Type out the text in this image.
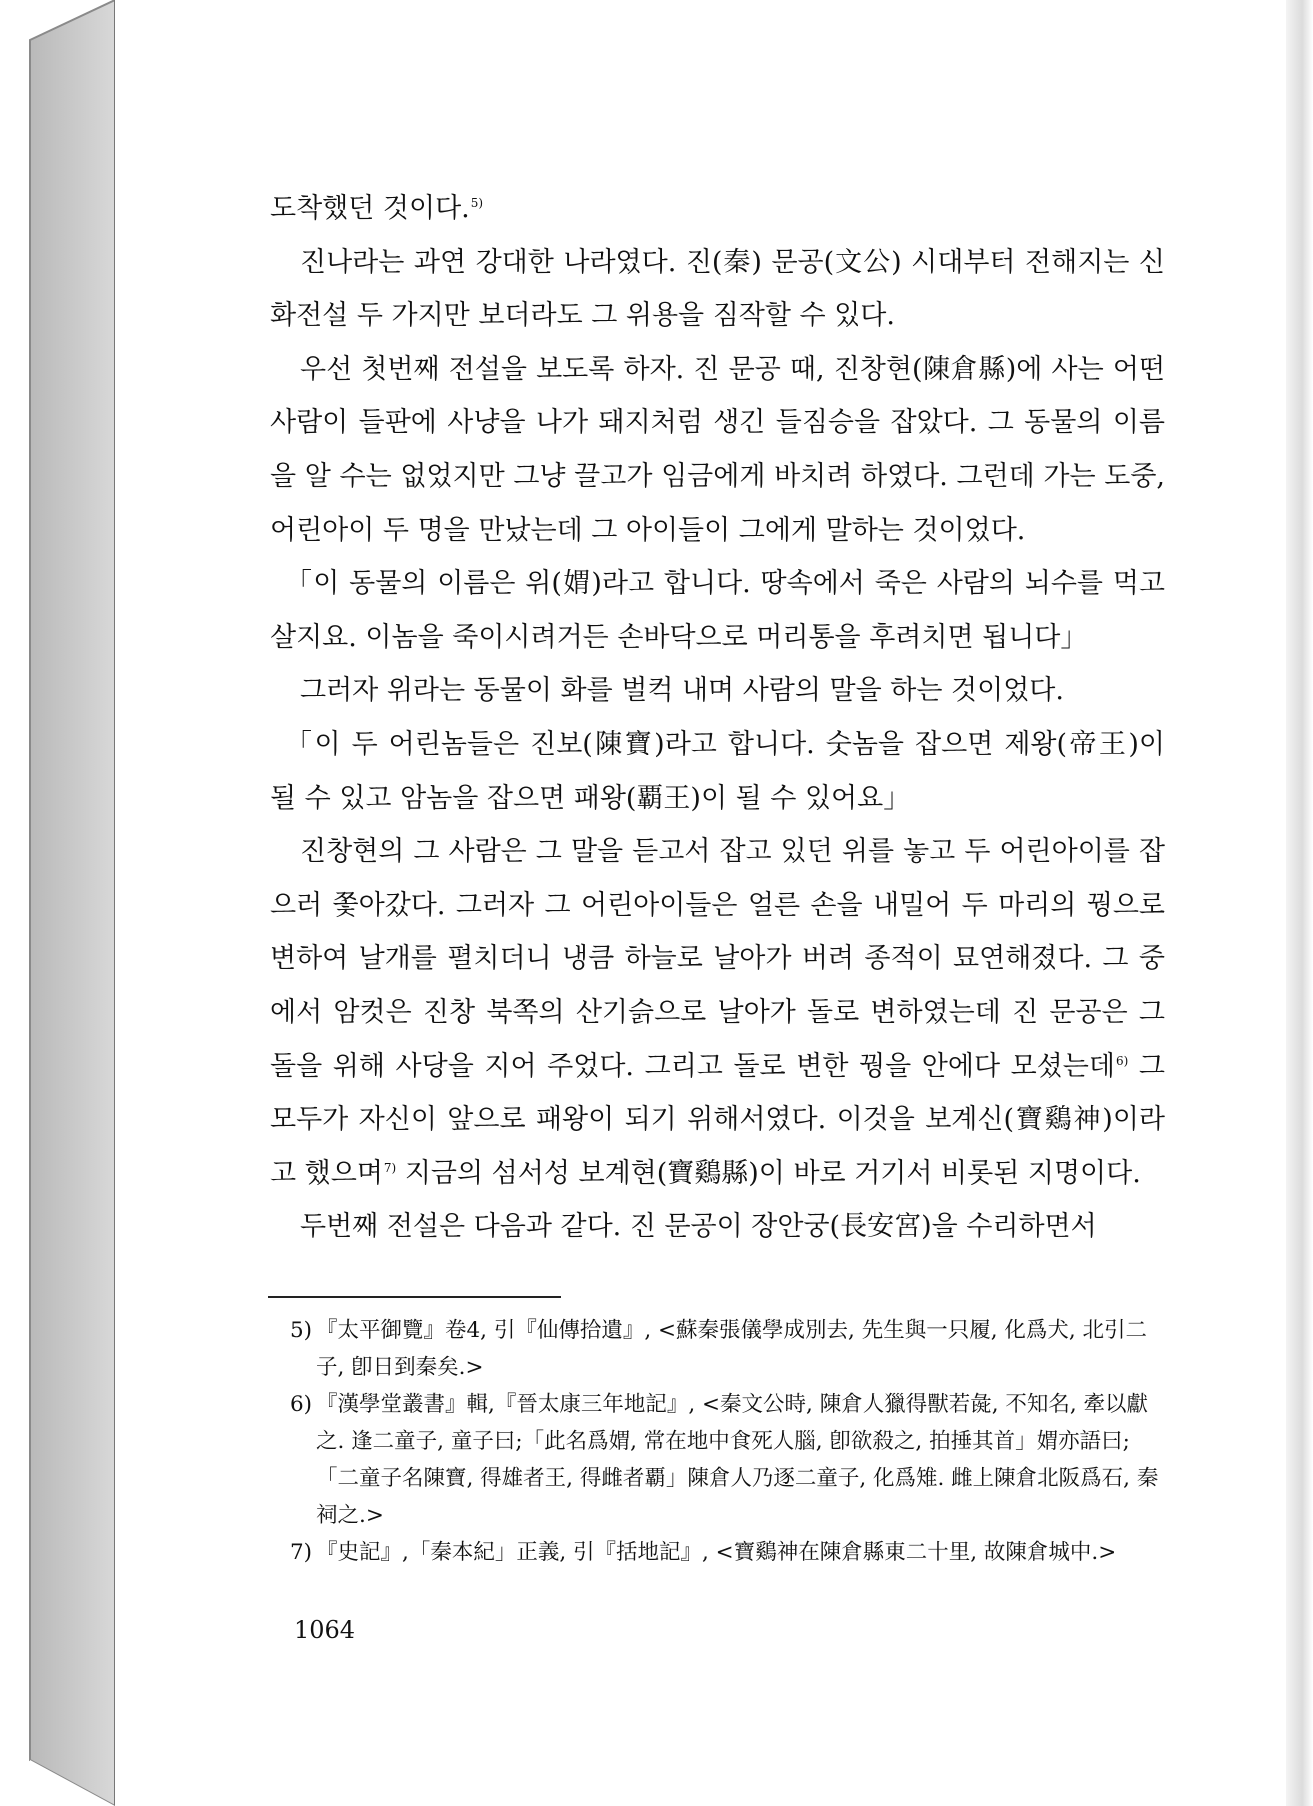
도착했던 것이다.$^{5)}$

진나라는 과연 강대한 나라였다. 진(秦) 문공(文公) 시대부터 전해지는 신화전설 두 가지만 보더라도 그 위용을 짐작할 수 있다.

우선 첫번째 전설을 보도록 하자. 진 문공 때, 진창현(陳倉縣)에 사는 어떤 사람이 들판에 사냥을 나가 돼지처럼 생긴 들짐승을 잡았다. 그 동물의 이름을 알 수는 없었지만 그냥 끌고가 임금에게 바치려 하였다. 그런데 가는 도중, 어린아이 두 명을 만났는데 그 아이들이 그에게 말하는 것이었다.

「이 동물의 이름은 위(媦)라고 합니다. 땅속에서 죽은 사람의 뇌수를 먹고 살지요. 이놈을 죽이시려거든 손바닥으로 머리통을 후려치면 됩니다」

그러자 위라는 동물이 화를 벌컥 내며 사람의 말을 하는 것이었다.

「이 두 어린놈들은 진보(陳寶)라고 합니다. 숫놈을 잡으면 제왕(帝王)이 될 수 있고 암놈을 잡으면 패왕(覇王)이 될 수 있어요」

진창현의 그 사람은 그 말을 듣고서 잡고 있던 위를 놓고 두 어린아이를 잡으러 쫓아갔다. 그러자 그 어린아이들은 얼른 손을 내밀어 두 마리의 꿩으로 변하여 날개를 펼치더니 냉큼 하늘로 날아가 버려 종적이 묘연해졌다. 그 중에서 암컷은 진창 북쪽의 산기슭으로 날아가 돌로 변하였는데 진 문공은 그 돌을 위해 사당을 지어 주었다. 그리고 돌로 변한 꿩을 안에다 모셨는데$^{6)}$ 그 모두가 자신이 앞으로 패왕이 되기 위해서였다. 이것을 보계신(寶鷄神)이라고 했으며$^{7)}$ 지금의 섬서성 보계현(寶鷄縣)이 바로 거기서 비롯된 지명이다.

두번째 전설은 다음과 같다. 진 문공이 장안궁(長安宮)을 수리하면서

5) 『太平御覽』卷4, 引『仙傳拾遺』, <蘇秦張儀學成別去, 先生與一只履, 化爲犬, 北引二子, 卽日到秦矣.>
6) 『漢學堂叢書』輯,『晉太康三年地記』, <秦文公時, 陳倉人獵得獸若彘, 不知名, 牽以獻之. 逢二童子, 童子曰;「此名爲媦, 常在地中食死人腦, 卽欲殺之, 拍捶其首」媦亦語曰;「二童子名陳寶, 得雄者王, 得雌者覇」陳倉人乃逐二童子, 化爲雉. 雌上陳倉北阪爲石, 秦祠之.>
7) 『史記』,「秦本紀」正義, 引『括地記』, <寶鷄神在陳倉縣東二十里, 故陳倉城中.>
1064
